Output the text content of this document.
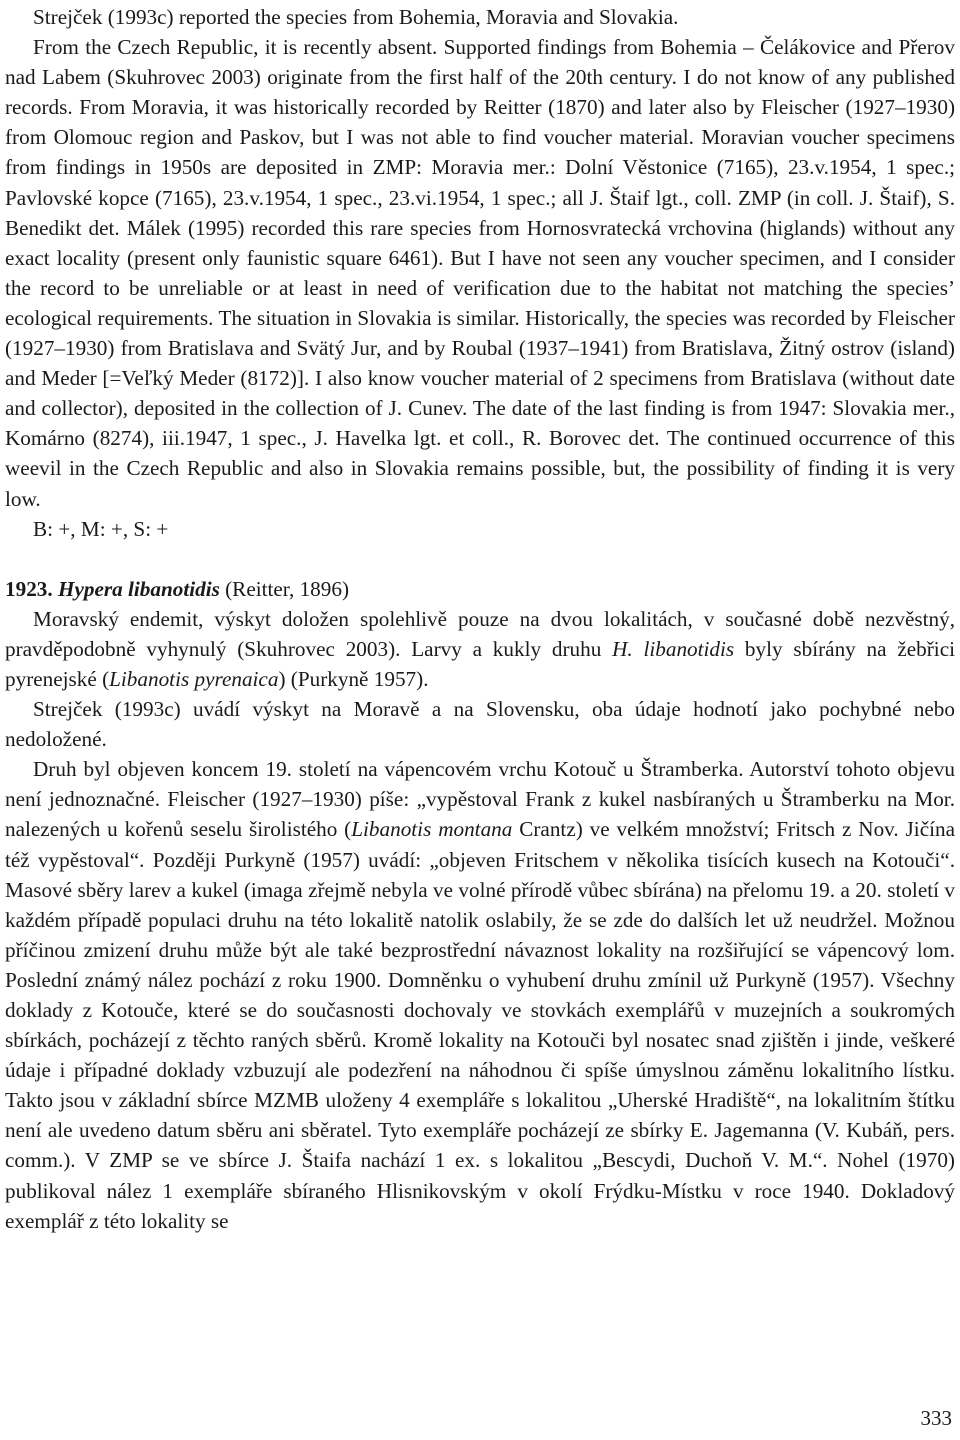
Strejček (1993c) reported the species from Bohemia, Moravia and Slovakia.

From the Czech Republic, it is recently absent. Supported findings from Bohemia – Čelákovice and Přerov nad Labem (Skuhrovec 2003) originate from the first half of the 20th century. I do not know of any published records. From Moravia, it was historically recorded by Reitter (1870) and later also by Fleischer (1927–1930) from Olomouc region and Paskov, but I was not able to find voucher material. Moravian voucher specimens from findings in 1950s are deposited in ZMP: Moravia mer.: Dolní Věstonice (7165), 23.v.1954, 1 spec.; Pavlovské kopce (7165), 23.v.1954, 1 spec., 23.vi.1954, 1 spec.; all J. Štaif lgt., coll. ZMP (in coll. J. Štaif), S. Benedikt det. Málek (1995) recorded this rare species from Hornosvratecká vrchovina (higlands) without any exact locality (present only faunistic square 6461). But I have not seen any voucher specimen, and I consider the record to be unreliable or at least in need of verification due to the habitat not matching the species’ ecological requirements. The situation in Slovakia is similar. Historically, the species was recorded by Fleischer (1927–1930) from Bratislava and Svätý Jur, and by Roubal (1937–1941) from Bratislava, Žitný ostrov (island) and Meder [=Veľký Meder (8172)]. I also know voucher material of 2 specimens from Bratislava (without date and collector), deposited in the collection of J. Cunev. The date of the last finding is from 1947: Slovakia mer., Komárno (8274), iii.1947, 1 spec., J. Havelka lgt. et coll., R. Borovec det. The continued occurrence of this weevil in the Czech Republic and also in Slovakia remains possible, but, the possibility of finding it is very low.

B: +, M: +, S: +

1923. Hypera libanotidis (Reitter, 1896)

Moravský endemit, výskyt doložen spolehlivě pouze na dvou lokalitách, v současné době nezvěstný, pravděpodobně vyhynulý (Skuhrovec 2003). Larvy a kukly druhu H. libanotidis byly sbírány na žebřici pyrenejské (Libanotis pyrenaica) (Purkyně 1957).

Strejček (1993c) uvádí výskyt na Moravě a na Slovensku, oba údaje hodnotí jako pochybné nebo nedoložené.

Druh byl objeven koncem 19. století na vápencovém vrchu Kotouč u Štramberka. Autorství tohoto objevu není jednoznačné. Fleischer (1927–1930) píše: „vypěstoval Frank z kukel nasbíraných u Štramberku na Mor. nalezených u kořenů seselu širolistého (Libanotis montana Crantz) ve velkém množství; Fritsch z Nov. Jičína též vypěstoval“. Později Purkyně (1957) uvádí: „objeven Fritschem v několika tisících kusech na Kotouči“. Masové sběry larev a kukel (imaga zřejmě nebyla ve volné přírodě vůbec sbírána) na přelomu 19. a 20. století v každém případě populaci druhu na této lokalitě natolik oslabily, že se zde do dalších let už neudržel. Možnou příčinou zmizení druhu může být ale také bezprostřední návaznost lokality na rozšiřující se vápencový lom. Poslední známý nález pochází z roku 1900. Domněnku o vyhubení druhu zmínil už Purkyně (1957). Všechny doklady z Kotouče, které se do současnosti dochovaly ve stovkách exemplářů v muzejních a soukromých sbírkách, pocházejí z těchto raných sběrů. Kromě lokality na Kotouči byl nosatec snad zjištěn i jinde, veškeré údaje i případné doklady vzbuzují ale podezření na náhodnou či spíše úmyslnou záměnu lokalitního lístku. Takto jsou v základní sbírce MZMB uloženy 4 exempláře s lokalitou „Uherské Hradiště“, na lokalitním štítku není ale uvedeno datum sběru ani sběratel. Tyto exempláře pocházejí ze sbírky E. Jagemanna (V. Kubáň, pers. comm.). V ZMP se ve sbírce J. Štaifa nachází 1 ex. s lokalitou „Bescydi, Duchoň V. M.“. Nohel (1970) publikoval nález 1 exempláře sbíraného Hlisnikovským v okolí Frýdku-Místku v roce 1940. Dokladový exemplář z této lokality se

333
